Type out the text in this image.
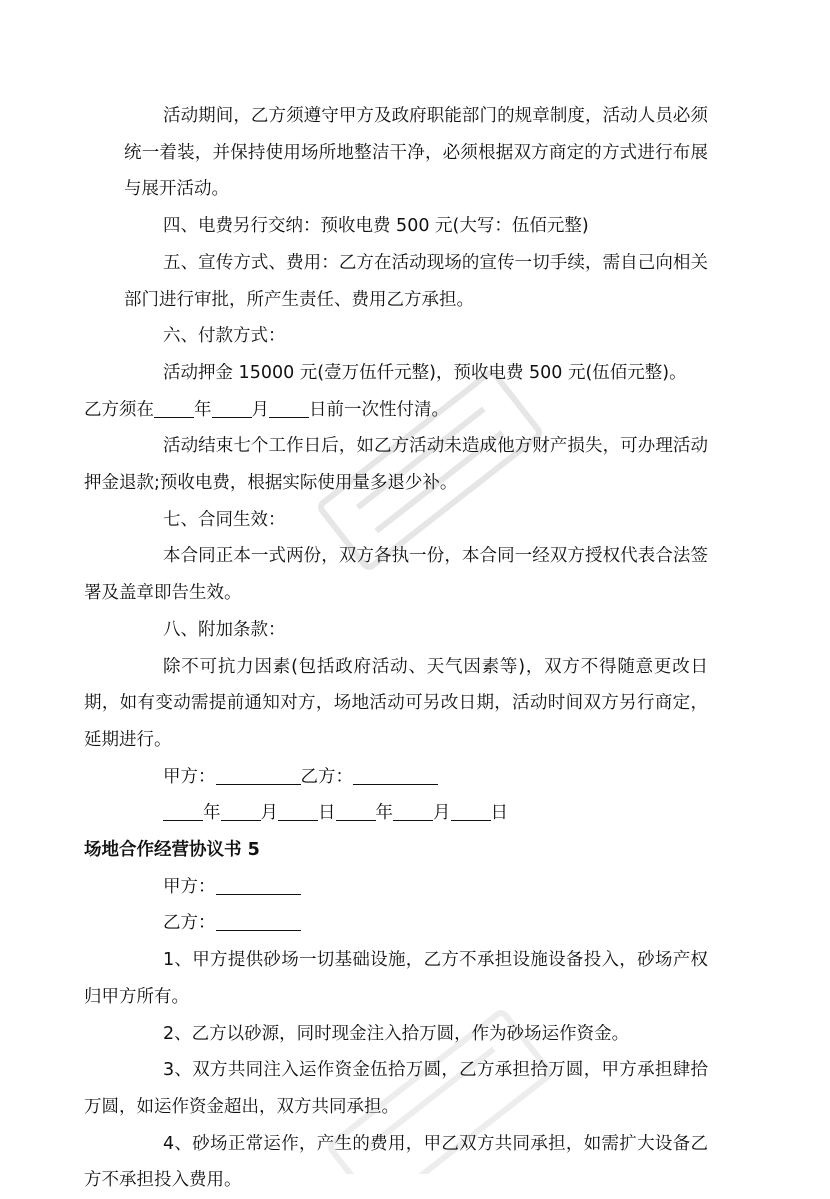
活动期间，乙方须遵守甲方及政府职能部门的规章制度，活动人员必须统一着装，并保持使用场所地整洁干净，必须根据双方商定的方式进行布展与展开活动。

四、电费另行交纳：预收电费 500 元(大写：伍佰元整)

五、宣传方式、费用：乙方在活动现场的宣传一切手续，需自己向相关部门进行审批，所产生责任、费用乙方承担。

六、付款方式：

活动押金 15000 元(壹万伍仟元整)，预收电费 500 元(伍佰元整)。

乙方须在 年 月 日前一次性付清。

活动结束七个工作日后，如乙方活动未造成他方财产损失，可办理活动押金退款;预收电费，根据实际使用量多退少补。

七、合同生效：

本合同正本一式两份，双方各执一份，本合同一经双方授权代表合法签署及盖章即告生效。

八、附加条款：

除不可抗力因素(包括政府活动、天气因素等)，双方不得随意更改日期，如有变动需提前通知对方，场地活动可另改日期，活动时间双方另行商定，延期进行。

甲方：	乙方：

年 月 日 年 月 日

场地合作经营协议书 5

甲方：

乙方：

1、甲方提供砂场一切基础设施，乙方不承担设施设备投入，砂场产权归甲方所有。

2、乙方以砂源，同时现金注入拾万圆，作为砂场运作资金。

3、双方共同注入运作资金伍拾万圆，乙方承担拾万圆，甲方承担肆拾万圆，如运作资金超出，双方共同承担。

4、砂场正常运作，产生的费用，甲乙双方共同承担，如需扩大设备乙方不承担投入费用。
